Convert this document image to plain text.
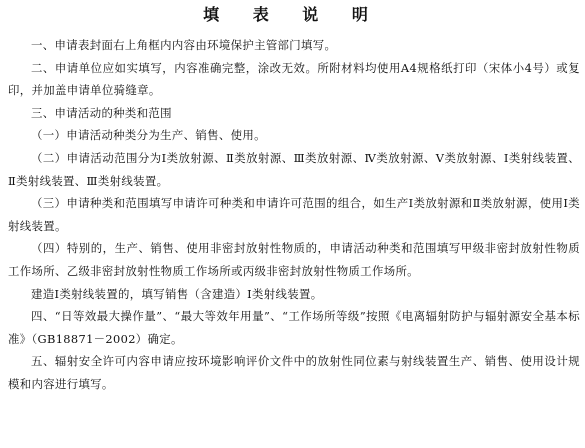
填 表 说 明

一、申请表封面右上角框内内容由环境保护主管部门填写。

二、申请单位应如实填写，内容准确完整，涂改无效。所附材料均使用A4规格纸打印（宋体小4号）或复印，并加盖申请单位骑缝章。

三、申请活动的种类和范围

（一）申请活动种类分为生产、销售、使用。

（二）申请活动范围分为Ⅰ类放射源、Ⅱ类放射源、Ⅲ类放射源、Ⅳ类放射源、Ⅴ类放射源、Ⅰ类射线装置、Ⅱ类射线装置、Ⅲ类射线装置。

（三）申请种类和范围填写申请许可种类和申请许可范围的组合，如生产Ⅰ类放射源和Ⅱ类放射源，使用Ⅰ类射线装置。

（四）特别的，生产、销售、使用非密封放射性物质的，申请活动种类和范围填写甲级非密封放射性物质工作场所、乙级非密封放射性物质工作场所或丙级非密封放射性物质工作场所。

建造Ⅰ类射线装置的，填写销售（含建造）Ⅰ类射线装置。

四、“日等效最大操作量”、“最大等效年用量”、“工作场所等级”按照《电离辐射防护与辐射源安全基本标准》（GB18871－2002）确定。

五、辐射安全许可内容申请应按环境影响评价文件中的放射性同位素与射线装置生产、销售、使用设计规模和内容进行填写。
